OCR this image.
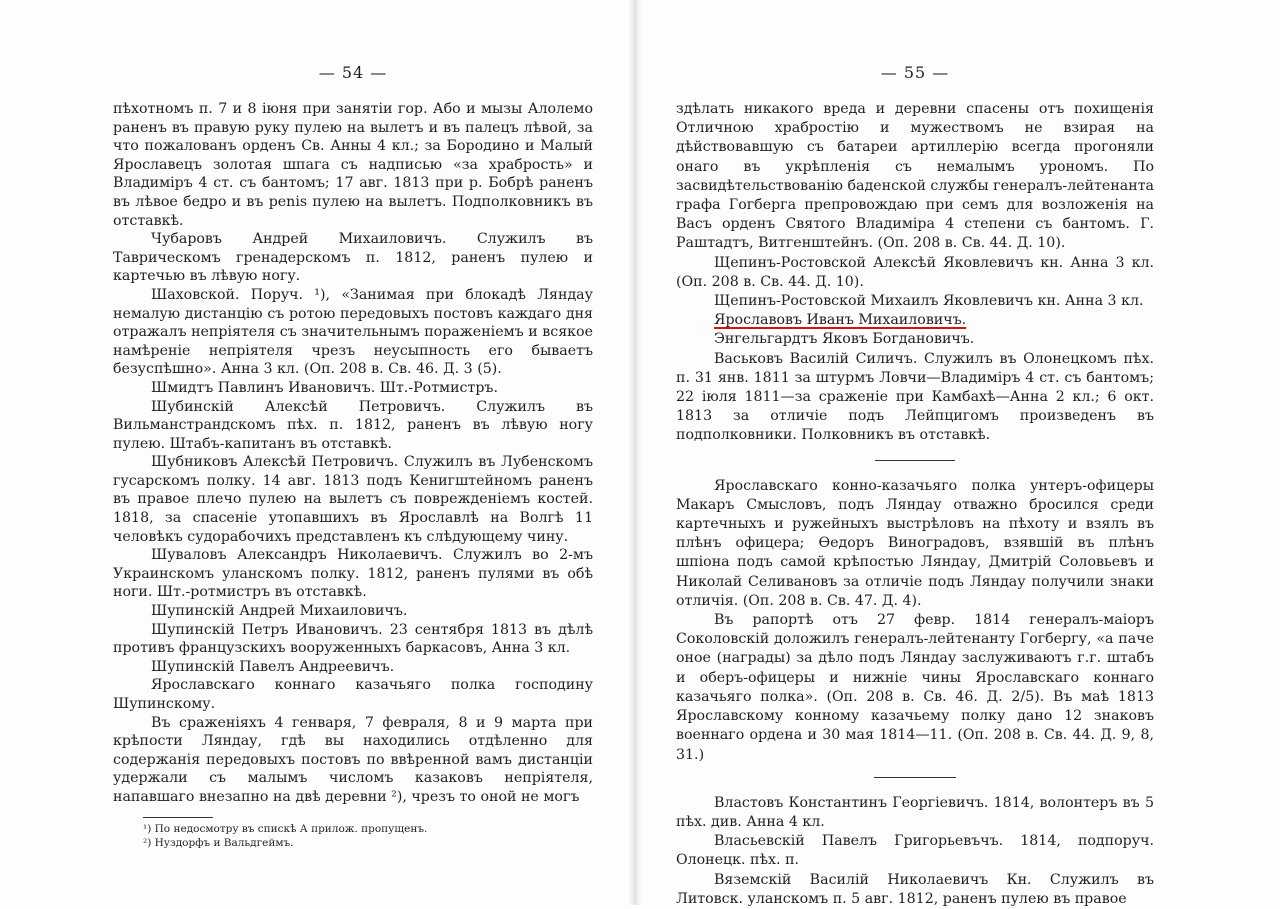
— 54 —

пѣхотномъ п. 7 и 8 іюня при занятіи гор. Або и мызы Алолемо раненъ въ правую руку пулею на вылетъ и въ палецъ лѣвой, за что пожалованъ орденъ Св. Анны 4 кл.; за Бородино и Малый Ярославецъ золотая шпага съ надписью «за храбрость» и Владиміръ 4 ст. съ бантомъ; 17 авг. 1813 при р. Бобрѣ раненъ въ лѣвое бедро и въ penis пулею на вылетъ. Подполковникъ въ отставкѣ.

Чубаровъ Андрей Михаиловичъ. Служилъ въ Таврическомъ гренадерскомъ п. 1812, раненъ пулею и картечью въ лѣвую ногу.

Шаховской. Поруч. ¹), «Занимая при блокадѣ Ляндау немалую дистанцію съ ротою передовыхъ постовъ каждаго дня отражалъ непріятеля съ значительнымъ пораженіемъ и всякое намѣреніе непріятеля чрезъ неусыпность его бываетъ безуспѣшно». Анна 3 кл. (Оп. 208 в. Св. 46. Д. 3 (5).

Шмидтъ Павлинъ Ивановичъ. Шт.-Ротмистръ.

Шубинскій Алексѣй Петровичъ. Служилъ въ Вильманстрандскомъ пѣх. п. 1812, раненъ въ лѣвую ногу пулею. Штабъ-капитанъ въ отставкѣ.

Шубниковъ Алексѣй Петровичъ. Служилъ въ Лубенскомъ гусарскомъ полку. 14 авг. 1813 подъ Кенигштейномъ раненъ въ правое плечо пулею на вылетъ съ поврежденіемъ костей. 1818, за спасеніе утопавшихъ въ Ярославлѣ на Волгѣ 11 человѣкъ судорабочихъ представленъ къ слѣдующему чину.

Шуваловъ Александръ Николаевичъ. Служилъ во 2-мъ Украинскомъ уланскомъ полку. 1812, раненъ пулями въ обѣ ноги. Шт.-ротмистръ въ отставкѣ.

Шупинскій Андрей Михаиловичъ.

Шупинскій Петръ Ивановичъ. 23 сентября 1813 въ дѣлѣ противъ французскихъ вооруженныхъ баркасовъ, Анна 3 кл.

Шупинскій Павелъ Андреевичъ.

Ярославскаго коннаго казачьяго полка господину Шупинскому.

Въ сраженіяхъ 4 генваря, 7 февраля, 8 и 9 марта при крѣпости Ляндау, гдѣ вы находились отдѣленно для содержанія передовыхъ постовъ по ввѣренной вамъ дистанціи удержали съ малымъ числомъ казаковъ непріятеля, напавшаго внезапно на двѣ деревни ²), чрезъ то оной не могъ

¹) По недосмотру въ спискѣ А прилож. пропущенъ.

²) Нуздорфъ и Вальдгеймъ.

— 55 —

здѣлать никакого вреда и деревни спасены отъ похищенія Отличною храбростію и мужествомъ не взирая на дѣйствовавшую съ батареи артиллерію всегда прогоняли онаго въ укрѣпленія съ немалымъ урономъ. По засвидѣтельствованію баденской службы генералъ-лейтенанта графа Гогберга препровождаю при семъ для возложенія на Васъ орденъ Святого Владиміра 4 степени съ бантомъ. Г. Раштадтъ, Витгенштейнъ. (Оп. 208 в. Св. 44. Д. 10).

Щепинъ-Ростовской Алексѣй Яковлевичъ кн. Анна 3 кл. (Оп. 208 в. Св. 44. Д. 10).

Щепинъ-Ростовской Михаилъ Яковлевичъ кн. Анна 3 кл.

Ярославовъ Иванъ Михаиловичъ.

Энгельгардтъ Яковъ Богдановичъ.

Васьковъ Василій Силичъ. Служилъ въ Олонецкомъ пѣх. п. 31 янв. 1811 за штурмъ Ловчи—Владиміръ 4 ст. съ бантомъ; 22 іюля 1811—за сраженіе при Камбахѣ—Анна 2 кл.; 6 окт. 1813 за отличіе подъ Лейпцигомъ произведенъ въ подполковники. Полковникъ въ отставкѣ.

Ярославскаго конно-казачьяго полка унтеръ-офицеры Макаръ Смысловъ, подъ Ляндау отважно бросился среди картечныхъ и ружейныхъ выстрѣловъ на пѣхоту и взялъ въ плѣнъ офицера; Өедоръ Виноградовъ, взявшій въ плѣнъ шпіона подъ самой крѣпостью Ляндау, Дмитрій Соловьевъ и Николай Селивановъ за отличіе подъ Ляндау получили знаки отличія. (Оп. 208 в. Св. 47. Д. 4).

Въ рапортѣ отъ 27 февр. 1814 генералъ-маіоръ Соколовскій доложилъ генералъ-лейтенанту Гогбергу, «а паче оное (награды) за дѣло подъ Ляндау заслуживаютъ г.г. штабъ и оберъ-офицеры и нижніе чины Ярославскаго коннаго казачьяго полка». (Оп. 208 в. Св. 46. Д. 2/5). Въ маѣ 1813 Ярославскому конному казачьему полку дано 12 знаковъ военнаго ордена и 30 мая 1814—11. (Оп. 208 в. Св. 44. Д. 9, 8, 31.)

Властовъ Константинъ Георгіевичъ. 1814, волонтеръ въ 5 пѣх. див. Анна 4 кл.

Власьевскій Павелъ Григорьевъчъ. 1814, подпоруч. Олонецк. пѣх. п.

Вяземскій Василій Николаевичъ Кн. Служилъ въ Литовск. уланскомъ п. 5 авг. 1812, раненъ пулею въ правое
